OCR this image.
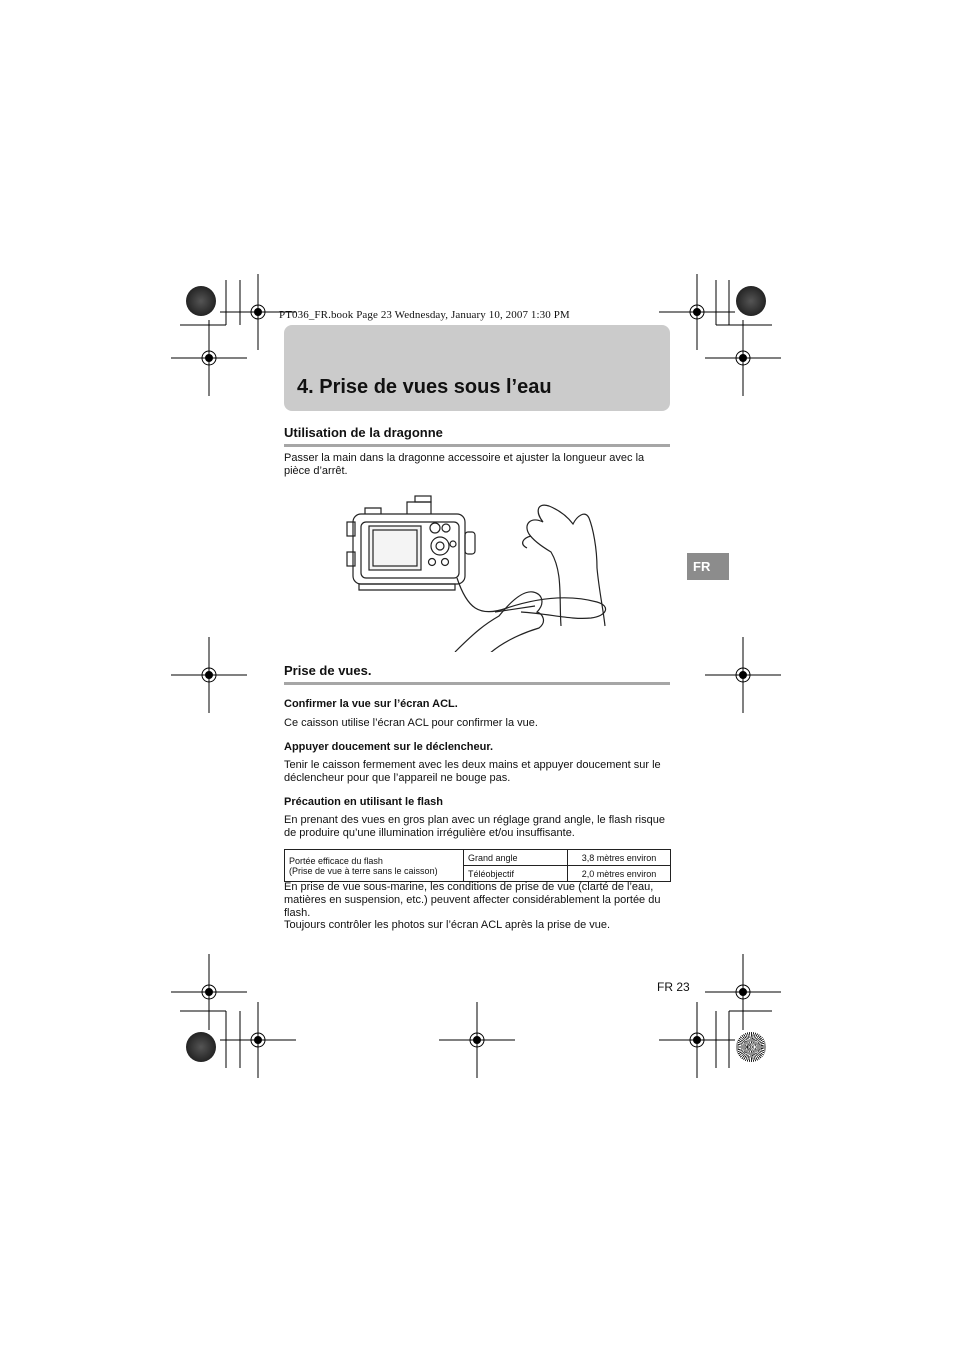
PT036_FR.book Page 23 Wednesday, January 10, 2007 1:30 PM
4. Prise de vues sous l’eau
FR
Utilisation de la dragonne
Passer la main dans la dragonne accessoire et ajuster la longueur avec la pièce d’arrêt.
Prise de vues.
Confirmer la vue sur l’écran ACL.
Ce caisson utilise l’écran ACL pour confirmer la vue.
Appuyer doucement sur le déclencheur.
Tenir le caisson fermement avec les deux mains et appuyer doucement sur le déclencheur pour que l’appareil ne bouge pas.
Précaution en utilisant le flash
En prenant des vues en gros plan avec un réglage grand angle, le flash risque de produire qu’une illumination irrégulière et/ou insuffisante.
Portée efficace du flash
(Prise de vue à terre sans le caisson)	Grand angle	3,8 mètres environ
	Téléobjectif	2,0 mètres environ
En prise de vue sous-marine, les conditions de prise de vue (clarté de l’eau, matières en suspension, etc.) peuvent affecter considérablement la portée du flash.
Toujours contrôler les photos sur l’écran ACL après la prise de vue.
FR 23
